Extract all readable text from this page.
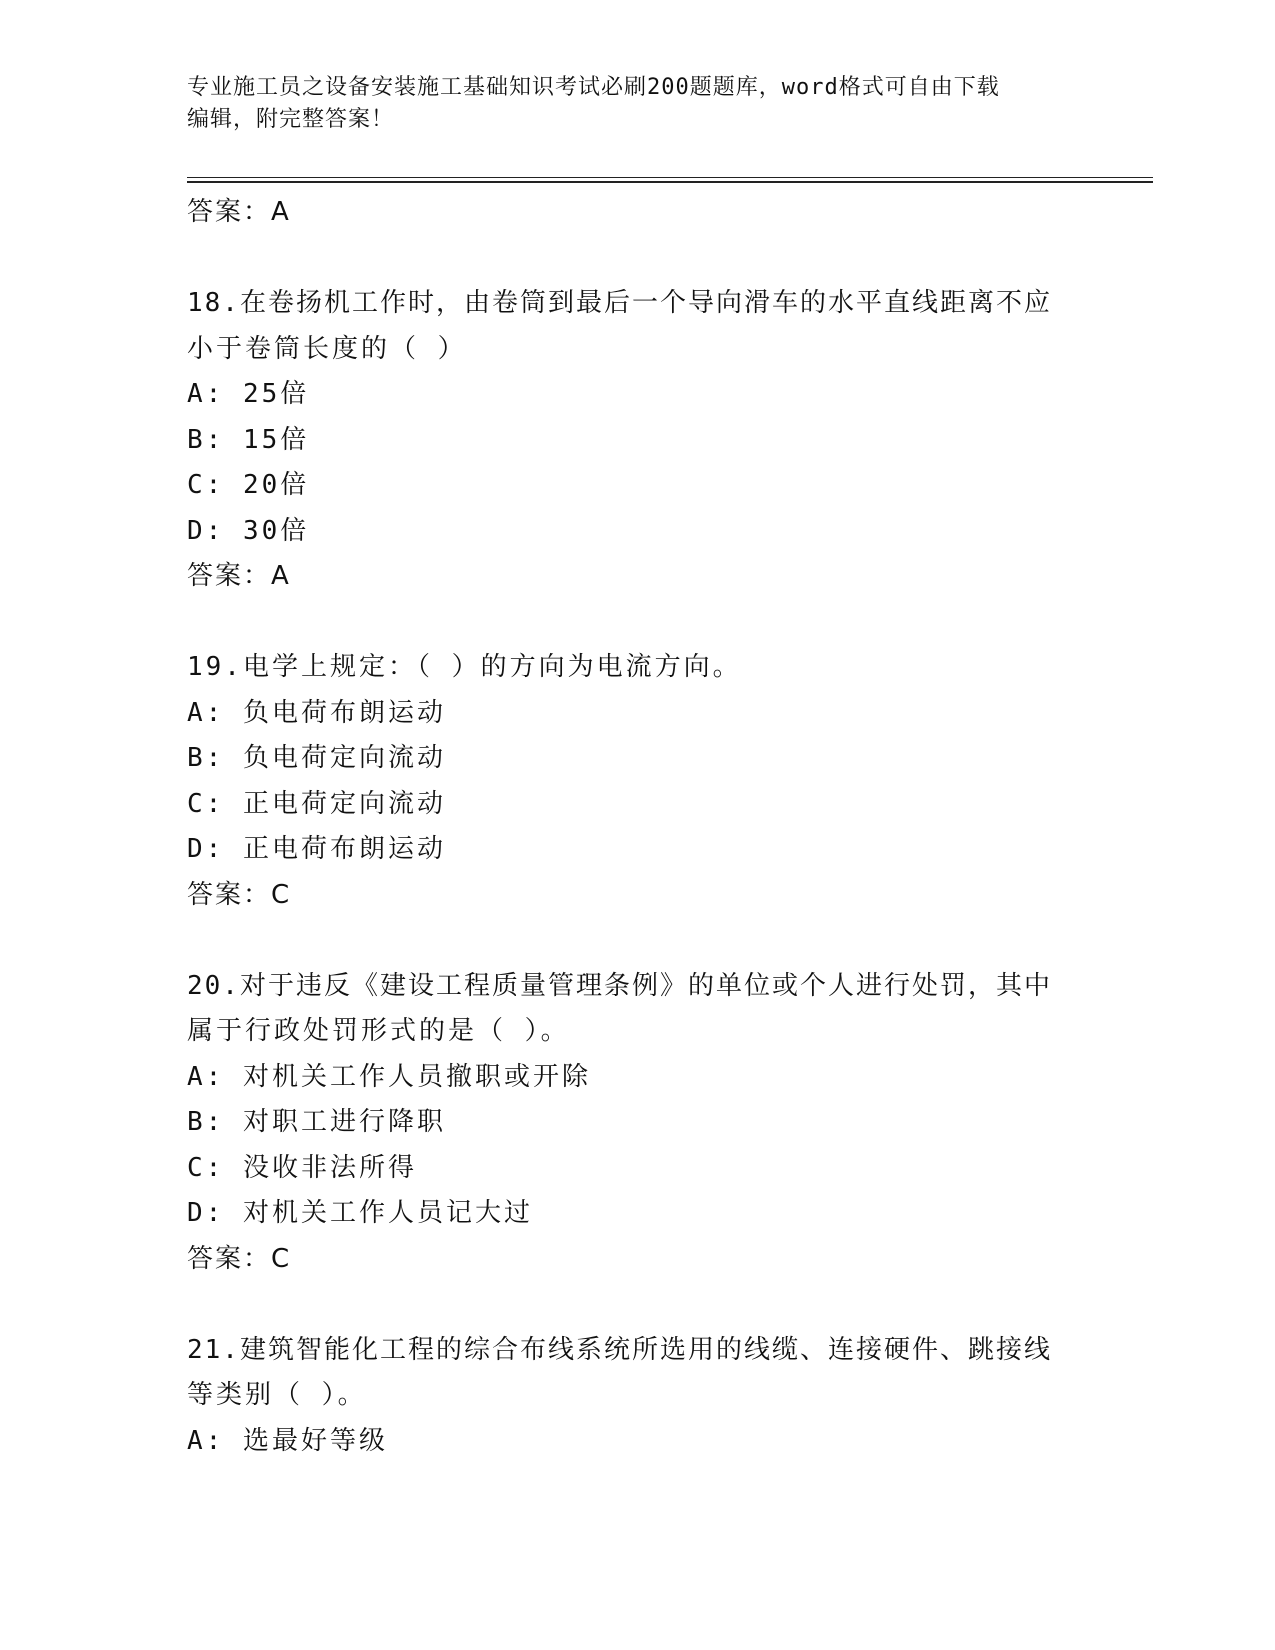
专业施工员之设备安装施工基础知识考试必刷200题题库，word格式可自由下载
编辑，附完整答案！
答案：A
18.在卷扬机工作时，由卷筒到最后一个导向滑车的水平直线距离不应
小于卷筒长度的（ ）
A: 25倍
B: 15倍
C: 20倍
D: 30倍
答案：A
19.电学上规定：（ ）的方向为电流方向。
A: 负电荷布朗运动
B: 负电荷定向流动
C: 正电荷定向流动
D: 正电荷布朗运动
答案：C
20.对于违反《建设工程质量管理条例》的单位或个人进行处罚，其中
属于行政处罚形式的是（ ）。
A: 对机关工作人员撤职或开除
B: 对职工进行降职
C: 没收非法所得
D: 对机关工作人员记大过
答案：C
21.建筑智能化工程的综合布线系统所选用的线缆、连接硬件、跳接线
等类别（ ）。
A: 选最好等级
